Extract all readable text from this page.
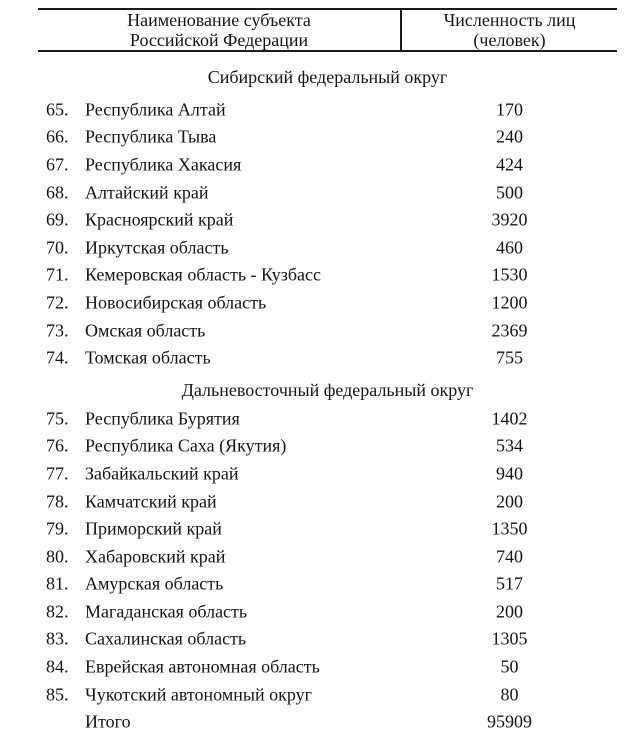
Наименование субъекта
Российской Федерации
Численность лиц
(человек)
Сибирский федеральный округ
65. Республика Алтай	170
66. Республика Тыва	240
67. Республика Хакасия	424
68. Алтайский край	500
69. Красноярский край	3920
70. Иркутская область	460
71. Кемеровская область - Кузбасс	1530
72. Новосибирская область	1200
73. Омская область	2369
74. Томская область	755
Дальневосточный федеральный округ
75. Республика Бурятия	1402
76. Республика Саха (Якутия)	534
77. Забайкальский край	940
78. Камчатский край	200
79. Приморский край	1350
80. Хабаровский край	740
81. Амурская область	517
82. Магаданская область	200
83. Сахалинская область	1305
84. Еврейская автономная область	50
85. Чукотский автономный округ	80
Итого	95909
